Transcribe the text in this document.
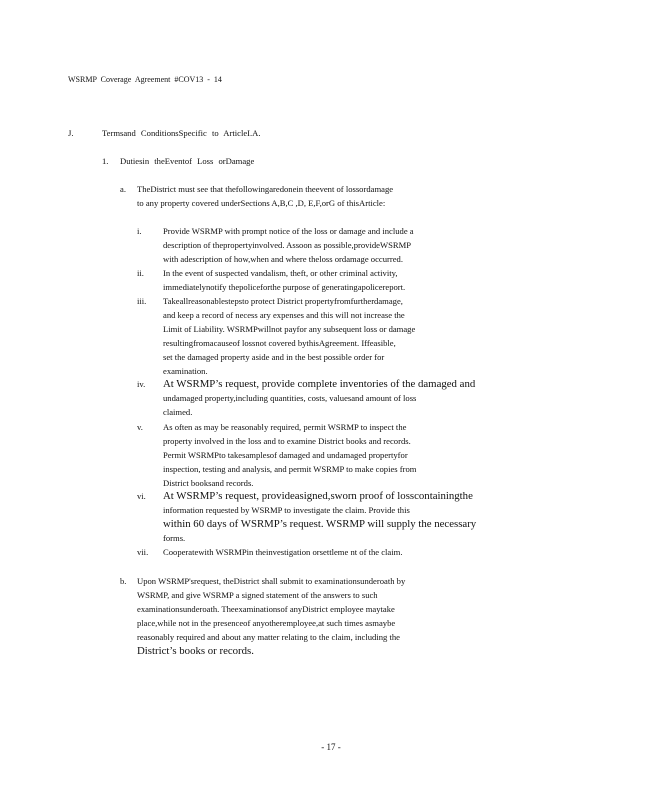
WSRMP Coverage Agreement #COV13 - 14
J.	Termsand ConditionsSpecific to ArticleI.A.
1. Dutiesin theEventof Loss orDamage
a. TheDistrict must see that thefollowingaredonein theevent of lossordamage
to any property covered underSections A,B,C ,D, E,F,orG of thisArticle:
i. Provide WSRMP with prompt notice of the loss or damage and include a
description of thepropertyinvolved. Assoon as possible,provideWSRMP
with adescription of how,when and where theloss ordamage occurred.
ii. In the event of suspected vandalism, theft, or other criminal activity,
immediatelynotify thepoliceforthe purpose of generatingapolicereport.
iii. Takeallreasonablestepsto protect District propertyfromfurtherdamage,
and keep a record of necess ary expenses and this will not increase the
Limit of Liability. WSRMPwillnot payfor any subsequent loss or damage
resultingfromacauseof lossnot covered bythisAgreement. Iffeasible,
set the damaged property aside and in the best possible order for
examination.
iv. At WSRMP’s request, provide complete inventories of the damaged and
undamaged property,including quantities, costs, valuesand amount of loss
claimed.
v. As often as may be reasonably required, permit WSRMP to inspect the
property involved in the loss and to examine District books and records.
Permit WSRMPto takesamplesof damaged and undamaged propertyfor
inspection, testing and analysis, and permit WSRMP to make copies from
District booksand records.
vi. At WSRMP’s request, provideasigned,sworn proof of losscontainingthe
information requested by WSRMP to investigate the claim. Provide this
within 60 days of WSRMP’s request. WSRMP will supply the necessary
forms.
vii. Cooperatewith WSRMPin theinvestigation orsettleme nt of the claim.
b. Upon WSRMP'srequest, theDistrict shall submit to examinationsunderoath by
WSRMP, and give WSRMP a signed statement of the answers to such
examinationsunderoath. Theexaminationsof anyDistrict employee maytake
place,while not in the presenceof anyotheremployee,at such times asmaybe
reasonably required and about any matter relating to the claim, including the
District’s books or records.
- 17 -
